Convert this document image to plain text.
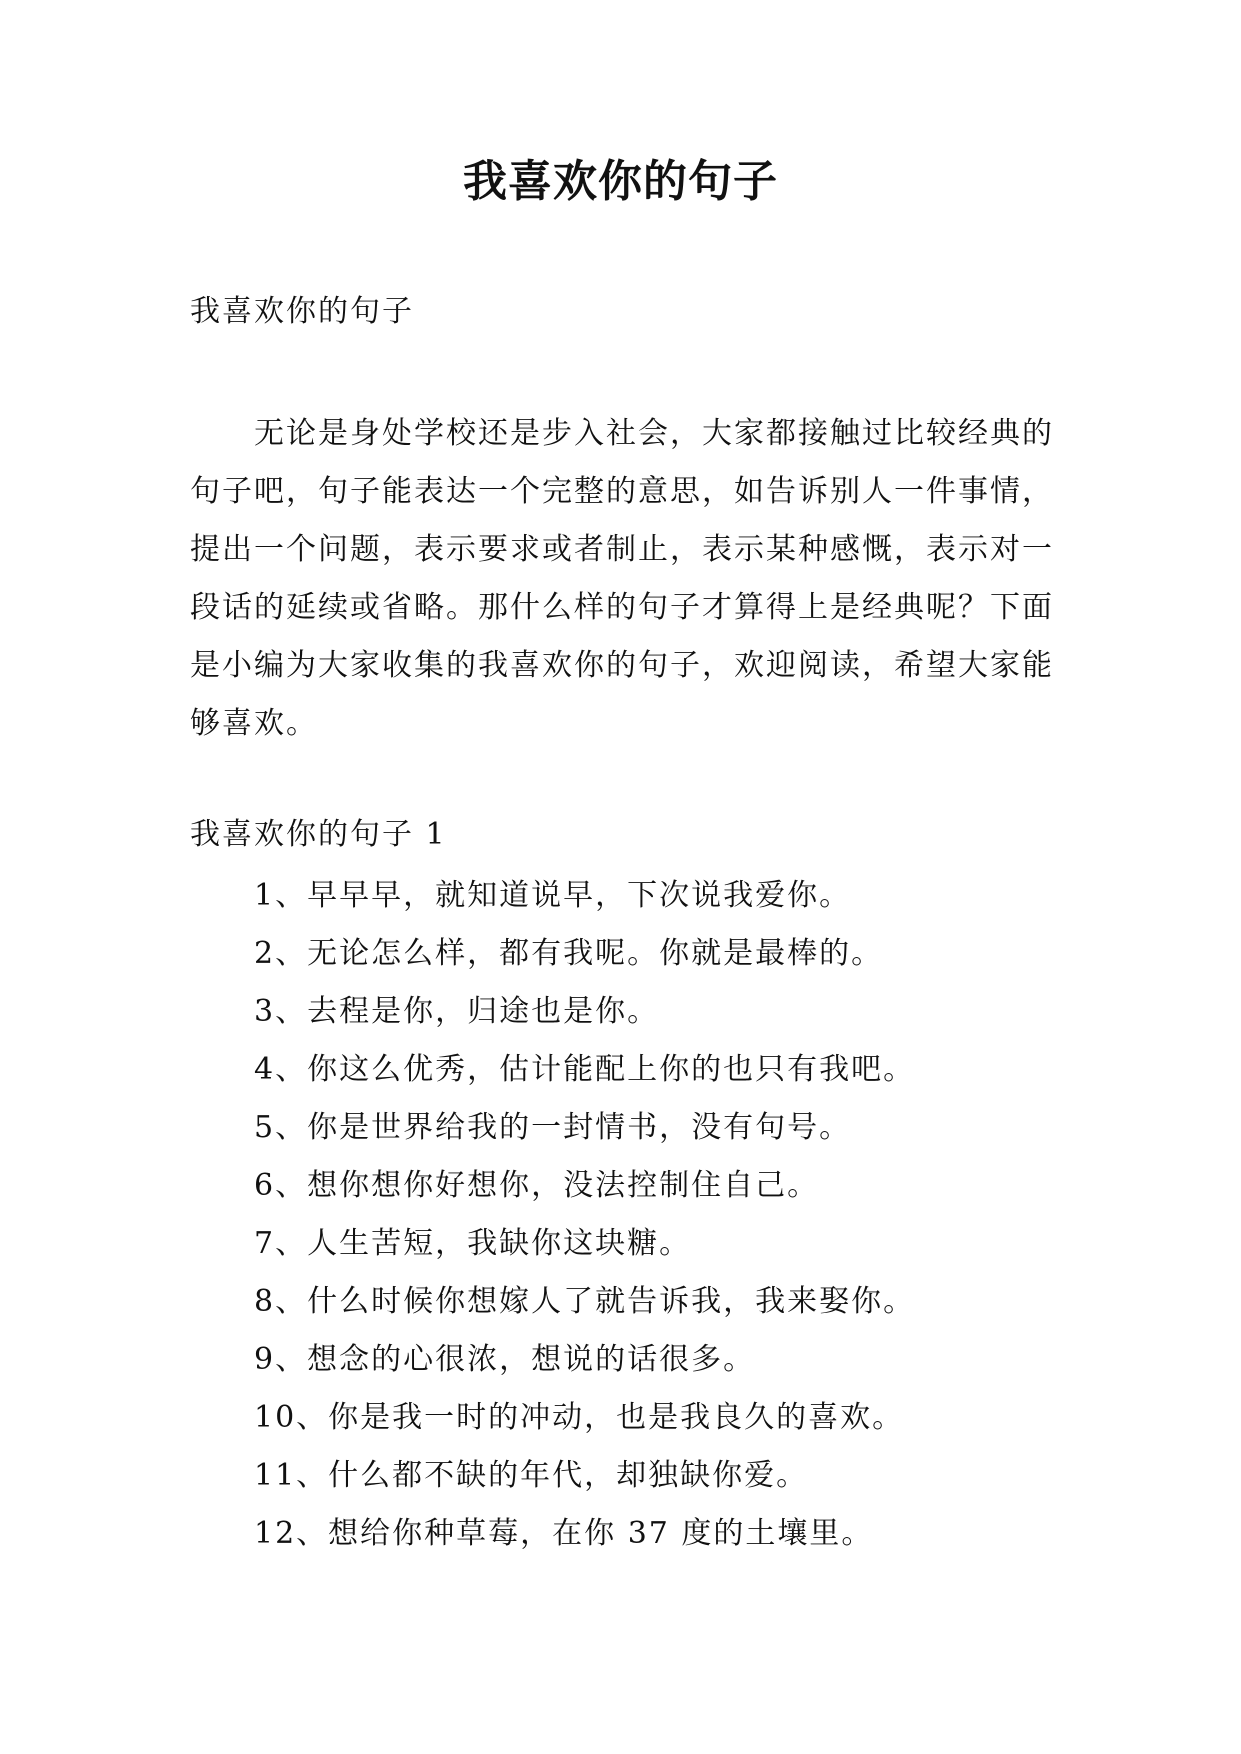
我喜欢你的句子
我喜欢你的句子

无论是身处学校还是步入社会，大家都接触过比较经典的句子吧，句子能表达一个完整的意思，如告诉别人一件事情，提出一个问题，表示要求或者制止，表示某种感慨，表示对一段话的延续或省略。那什么样的句子才算得上是经典呢？下面是小编为大家收集的我喜欢你的句子，欢迎阅读，希望大家能够喜欢。

我喜欢你的句子 1
1、早早早，就知道说早，下次说我爱你。
2、无论怎么样，都有我呢。你就是最棒的。
3、去程是你，归途也是你。
4、你这么优秀，估计能配上你的也只有我吧。
5、你是世界给我的一封情书，没有句号。
6、想你想你好想你，没法控制住自己。
7、人生苦短，我缺你这块糖。
8、什么时候你想嫁人了就告诉我，我来娶你。
9、想念的心很浓，想说的话很多。
10、你是我一时的冲动，也是我良久的喜欢。
11、什么都不缺的年代，却独缺你爱。
12、想给你种草莓，在你 37 度的土壤里。
